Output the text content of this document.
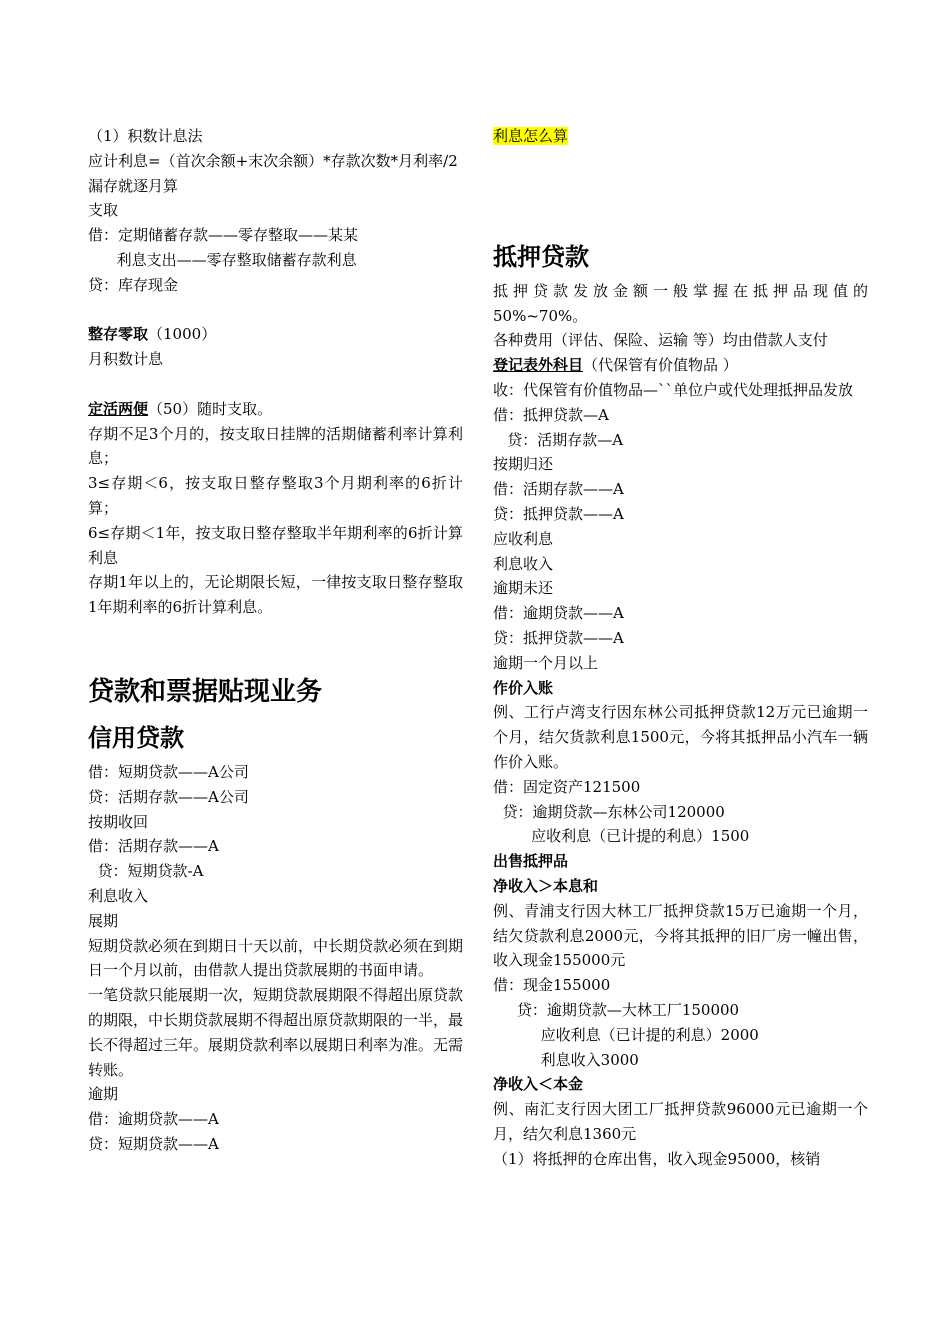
（1）积数计息法
应计利息=（首次余额+末次余额）*存款次数*月利率/2
漏存就逐月算
支取
借：定期储蓄存款——零存整取——某某
利息支出——零存整取储蓄存款利息
贷：库存现金
整存零取（1000）
月积数计息
定活两便（50）随时支取。
存期不足3个月的，按支取日挂牌的活期储蓄利率计算利息；
3≤存期＜6，按支取日整存整取3个月期利率的6折计算；
6≤存期＜1年，按支取日整存整取半年期利率的6折计算利息
存期1年以上的，无论期限长短，一律按支取日整存整取1年期利率的6折计算利息。
贷款和票据贴现业务
信用贷款
借：短期贷款——A公司
贷：活期存款——A公司
按期收回
借：活期存款——A
贷：短期贷款-A
利息收入
展期
短期贷款必须在到期日十天以前，中长期贷款必须在到期日一个月以前，由借款人提出贷款展期的书面申请。
一笔贷款只能展期一次，短期贷款展期限不得超出原贷款的期限，中长期贷款展期不得超出原贷款期限的一半，最长不得超过三年。展期贷款利率以展期日利率为准。无需转账。
逾期
借：逾期贷款——A
贷：短期贷款——A
利息怎么算
抵押贷款
抵押贷款发放金额一般掌握在抵押品现值的50%~70%。
各种费用（评估、保险、运输 等）均由借款人支付
登记表外科目（代保管有价值物品 ）
收：代保管有价值物品—``单位户或代处理抵押品发放
借：抵押贷款—A
贷：活期存款—A
按期归还
借：活期存款——A
贷：抵押贷款——A
应收利息
利息收入
逾期未还
借：逾期贷款——A
贷：抵押贷款——A
逾期一个月以上
作价入账
例、工行卢湾支行因东林公司抵押贷款12万元已逾期一个月，结欠货款利息1500元，今将其抵押品小汽车一辆作价入账。
借：固定资产121500
贷：逾期贷款—东林公司120000
应收利息（已计提的利息）1500
出售抵押品
净收入＞本息和
例、青浦支行因大林工厂抵押贷款15万已逾期一个月，结欠贷款利息2000元，今将其抵押的旧厂房一幢出售，收入现金155000元
借：现金155000
贷：逾期贷款—大林工厂150000
应收利息（已计提的利息）2000
利息收入3000
净收入＜本金
例、南汇支行因大团工厂抵押贷款96000元已逾期一个月，结欠利息1360元
（1）将抵押的仓库出售，收入现金95000，核销
